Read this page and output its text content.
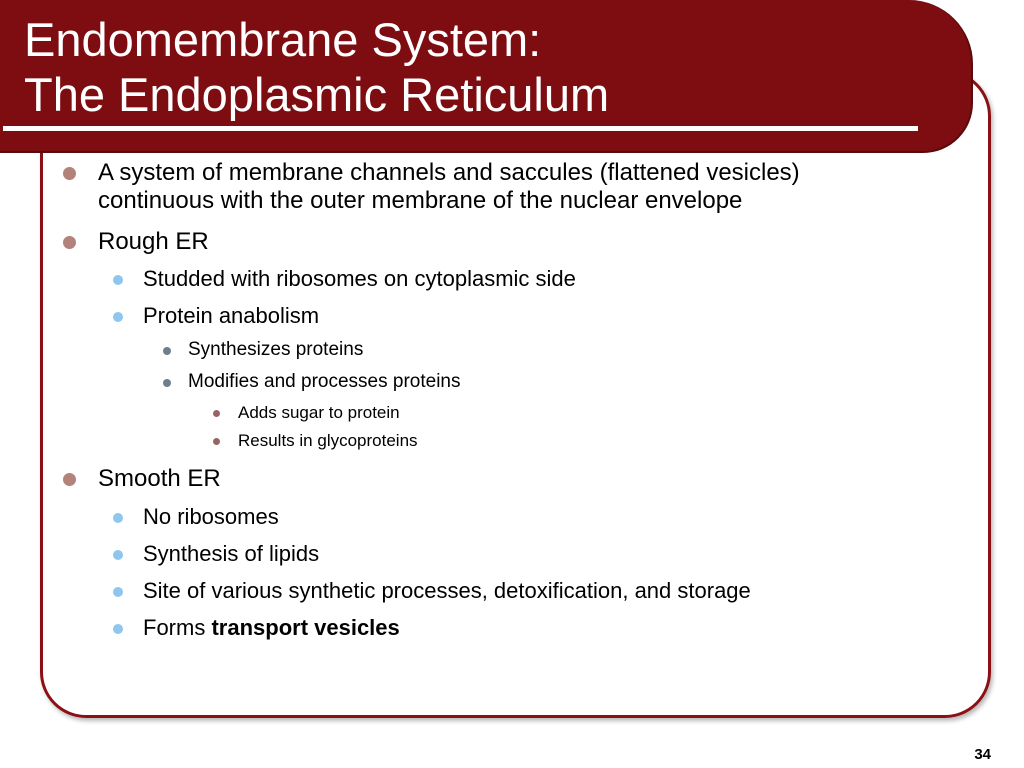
Endomembrane System:
The Endoplasmic Reticulum
A system of membrane channels and saccules (flattened vesicles)
continuous with the outer membrane of the nuclear envelope
Rough ER
Studded with ribosomes on cytoplasmic side
Protein anabolism
Synthesizes proteins
Modifies and processes proteins
Adds sugar to protein
Results in glycoproteins
Smooth ER
No ribosomes
Synthesis of lipids
Site of various synthetic processes, detoxification, and storage
Forms transport vesicles
34
